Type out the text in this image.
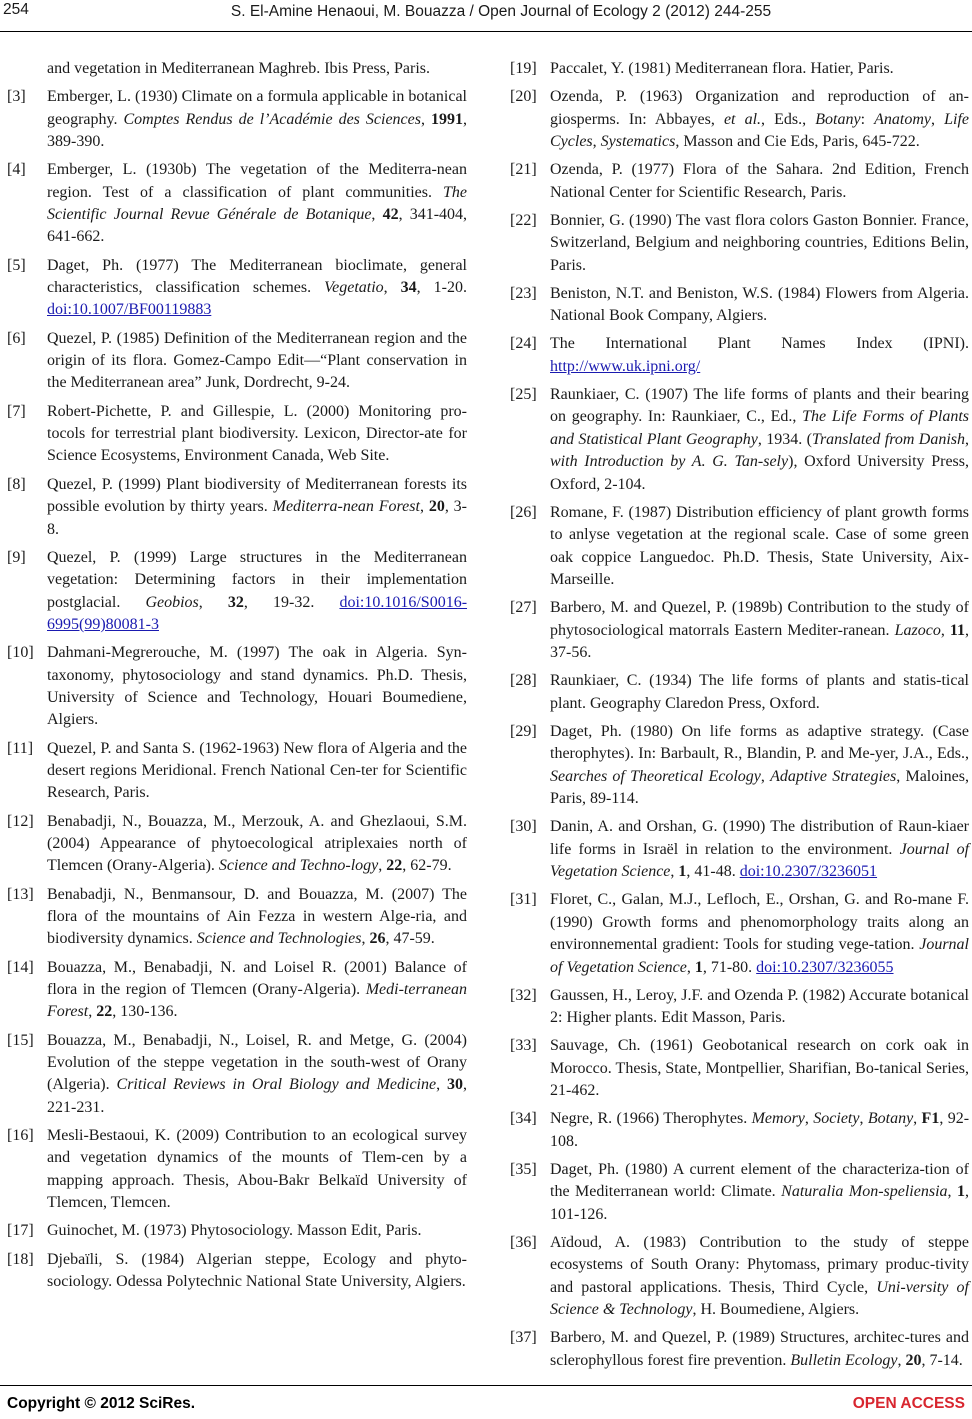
254	S. El-Amine Henaoui, M. Bouazza / Open Journal of Ecology 2 (2012) 244-255
and vegetation in Mediterranean Maghreb. Ibis Press, Paris.
[3]	Emberger, L. (1930) Climate on a formula applicable in botanical geography. Comptes Rendus de l’Académie des Sciences, 1991, 389-390.
[4]	Emberger, L. (1930b) The vegetation of the Mediterra-nean region. Test of a classification of plant communities. The Scientific Journal Revue Générale de Botanique, 42, 341-404, 641-662.
[5]	Daget, Ph. (1977) The Mediterranean bioclimate, general characteristics, classification schemes. Vegetatio, 34, 1-20. doi:10.1007/BF00119883
[6]	Quezel, P. (1985) Definition of the Mediterranean region and the origin of its flora. Gomez-Campo Edit—“Plant conservation in the Mediterranean area” Junk, Dordrecht, 9-24.
[7]	Robert-Pichette, P. and Gillespie, L. (2000) Monitoring pro-tocols for terrestrial plant biodiversity. Lexicon, Director-ate for Science Ecosystems, Environment Canada, Web Site.
[8]	Quezel, P. (1999) Plant biodiversity of Mediterranean forests its possible evolution by thirty years. Mediterra-nean Forest, 20, 3-8.
[9]	Quezel, P. (1999) Large structures in the Mediterranean vegetation: Determining factors in their implementation postglacial. Geobios, 32, 19-32. doi:10.1016/S0016-6995(99)80081-3
[10] Dahmani-Megrerouche, M. (1997) The oak in Algeria. Syn-taxonomy, phytosociology and stand dynamics. Ph.D. Thesis, University of Science and Technology, Houari Boumediene, Algiers.
[11] Quezel, P. and Santa S. (1962-1963) New flora of Algeria and the desert regions Meridional. French National Cen-ter for Scientific Research, Paris.
[12] Benabadji, N., Bouazza, M., Merzouk, A. and Ghezlaoui, S.M. (2004) Appearance of phytoecological atriplexaies north of Tlemcen (Orany-Algeria). Science and Techno-logy, 22, 62-79.
[13] Benabadji, N., Benmansour, D. and Bouazza, M. (2007) The flora of the mountains of Ain Fezza in western Alge-ria, and biodiversity dynamics. Science and Technologies, 26, 47-59.
[14] Bouazza, M., Benabadji, N. and Loisel R. (2001) Balance of flora in the region of Tlemcen (Orany-Algeria). Medi-terranean Forest, 22, 130-136.
[15] Bouazza, M., Benabadji, N., Loisel, R. and Metge, G. (2004) Evolution of the steppe vegetation in the south-west of Orany (Algeria). Critical Reviews in Oral Biology and Medicine, 30, 221-231.
[16] Mesli-Bestaoui, K. (2009) Contribution to an ecological survey and vegetation dynamics of the mounts of Tlem-cen by a mapping approach. Thesis, Abou-Bakr Belkaïd University of Tlemcen, Tlemcen.
[17] Guinochet, M. (1973) Phytosociology. Masson Edit, Paris.
[18] Djebaïli, S. (1984) Algerian steppe, Ecology and phyto-sociology. Odessa Polytechnic National State University, Algiers.
[19] Paccalet, Y. (1981) Mediterranean flora. Hatier, Paris.
[20] Ozenda, P. (1963) Organization and reproduction of an-giosperms. In: Abbayes, et al., Eds., Botany: Anatomy, Life Cycles, Systematics, Masson and Cie Eds, Paris, 645-722.
[21] Ozenda, P. (1977) Flora of the Sahara. 2nd Edition, French National Center for Scientific Research, Paris.
[22] Bonnier, G. (1990) The vast flora colors Gaston Bonnier. France, Switzerland, Belgium and neighboring countries, Editions Belin, Paris.
[23] Beniston, N.T. and Beniston, W.S. (1984) Flowers from Algeria. National Book Company, Algiers.
[24] The International Plant Names Index (IPNI). http://www.uk.ipni.org/
[25] Raunkiaer, C. (1907) The life forms of plants and their bearing on geography. In: Raunkiaer, C., Ed., The Life Forms of Plants and Statistical Plant Geography, 1934. (Translated from Danish, with Introduction by A. G. Tan-sely), Oxford University Press, Oxford, 2-104.
[26] Romane, F. (1987) Distribution efficiency of plant growth forms to anlyse vegetation at the regional scale. Case of some green oak coppice Languedoc. Ph.D. Thesis, State University, Aix-Marseille.
[27] Barbero, M. and Quezel, P. (1989b) Contribution to the study of phytosociological matorrals Eastern Mediter-ranean. Lazoco, 11, 37-56.
[28] Raunkiaer, C. (1934) The life forms of plants and statis-tical plant. Geography Claredon Press, Oxford.
[29] Daget, Ph. (1980) On life forms as adaptive strategy. (Case therophytes). In: Barbault, R., Blandin, P. and Me-yer, J.A., Eds., Searches of Theoretical Ecology, Adaptive Strategies, Maloines, Paris, 89-114.
[30] Danin, A. and Orshan, G. (1990) The distribution of Raun-kiaer life forms in Israël in relation to the environment. Journal of Vegetation Science, 1, 41-48. doi:10.2307/3236051
[31] Floret, C., Galan, M.J., Lefloch, E., Orshan, G. and Ro-mane F. (1990) Growth forms and phenomorphology traits along an environnemental gradient: Tools for studing vege-tation. Journal of Vegetation Science, 1, 71-80. doi:10.2307/3236055
[32] Gaussen, H., Leroy, J.F. and Ozenda P. (1982) Accurate botanical 2: Higher plants. Edit Masson, Paris.
[33] Sauvage, Ch. (1961) Geobotanical research on cork oak in Morocco. Thesis, State, Montpellier, Sharifian, Bo-tanical Series, 21-462.
[34] Negre, R. (1966) Therophytes. Memory, Society, Botany, F1, 92-108.
[35] Daget, Ph. (1980) A current element of the characteriza-tion of the Mediterranean world: Climate. Naturalia Mon-speliensia, 1, 101-126.
[36] Aïdoud, A. (1983) Contribution to the study of steppe ecosystems of South Orany: Phytomass, primary produc-tivity and pastoral applications. Thesis, Third Cycle, Uni-versity of Science & Technology, H. Boumediene, Algiers.
[37] Barbero, M. and Quezel, P. (1989) Structures, architec-tures and sclerophyllous forest fire prevention. Bulletin Ecology, 20, 7-14.
Copyright © 2012 SciRes.	OPEN ACCESS
